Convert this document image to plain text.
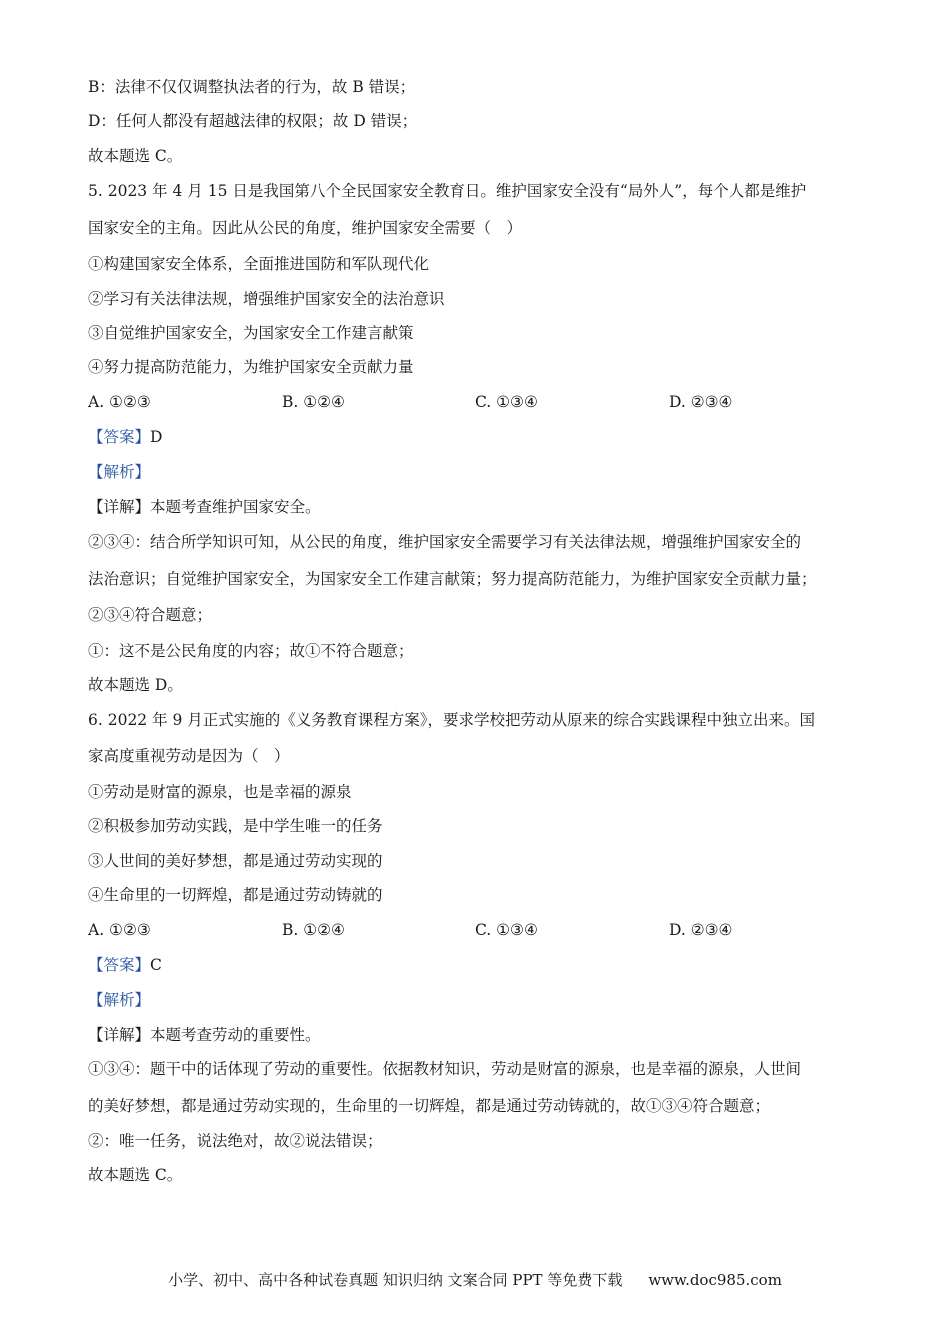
B：法律不仅仅调整执法者的行为，故 B 错误；
D：任何人都没有超越法律的权限；故 D 错误；
故本题选 C。
5. 2023 年 4 月 15 日是我国第八个全民国家安全教育日。维护国家安全没有“局外人”，每个人都是维护
国家安全的主角。因此从公民的角度，维护国家安全需要（　）
①构建国家安全体系，全面推进国防和军队现代化
②学习有关法律法规，增强维护国家安全的法治意识
③自觉维护国家安全，为国家安全工作建言献策
④努力提高防范能力，为维护国家安全贡献力量
A. ①②③	B. ①②④	C. ①③④	D. ②③④
【答案】D
【解析】
【详解】本题考查维护国家安全。
②③④：结合所学知识可知，从公民的角度，维护国家安全需要学习有关法律法规，增强维护国家安全的
法治意识；自觉维护国家安全，为国家安全工作建言献策；努力提高防范能力，为维护国家安全贡献力量；
②③④符合题意；
①：这不是公民角度的内容；故①不符合题意；
故本题选 D。
6. 2022 年 9 月正式实施的《义务教育课程方案》，要求学校把劳动从原来的综合实践课程中独立出来。国
家高度重视劳动是因为（　）
①劳动是财富的源泉，也是幸福的源泉
②积极参加劳动实践，是中学生唯一的任务
③人世间的美好梦想，都是通过劳动实现的
④生命里的一切辉煌，都是通过劳动铸就的
A. ①②③	B. ①②④	C. ①③④	D. ②③④
【答案】C
【解析】
【详解】本题考查劳动的重要性。
①③④：题干中的话体现了劳动的重要性。依据教材知识，劳动是财富的源泉，也是幸福的源泉，人世间
的美好梦想，都是通过劳动实现的，生命里的一切辉煌，都是通过劳动铸就的，故①③④符合题意；
②：唯一任务，说法绝对，故②说法错误；
故本题选 C。
小学、初中、高中各种试卷真题 知识归纳 文案合同 PPT 等免费下载 www.doc985.com
